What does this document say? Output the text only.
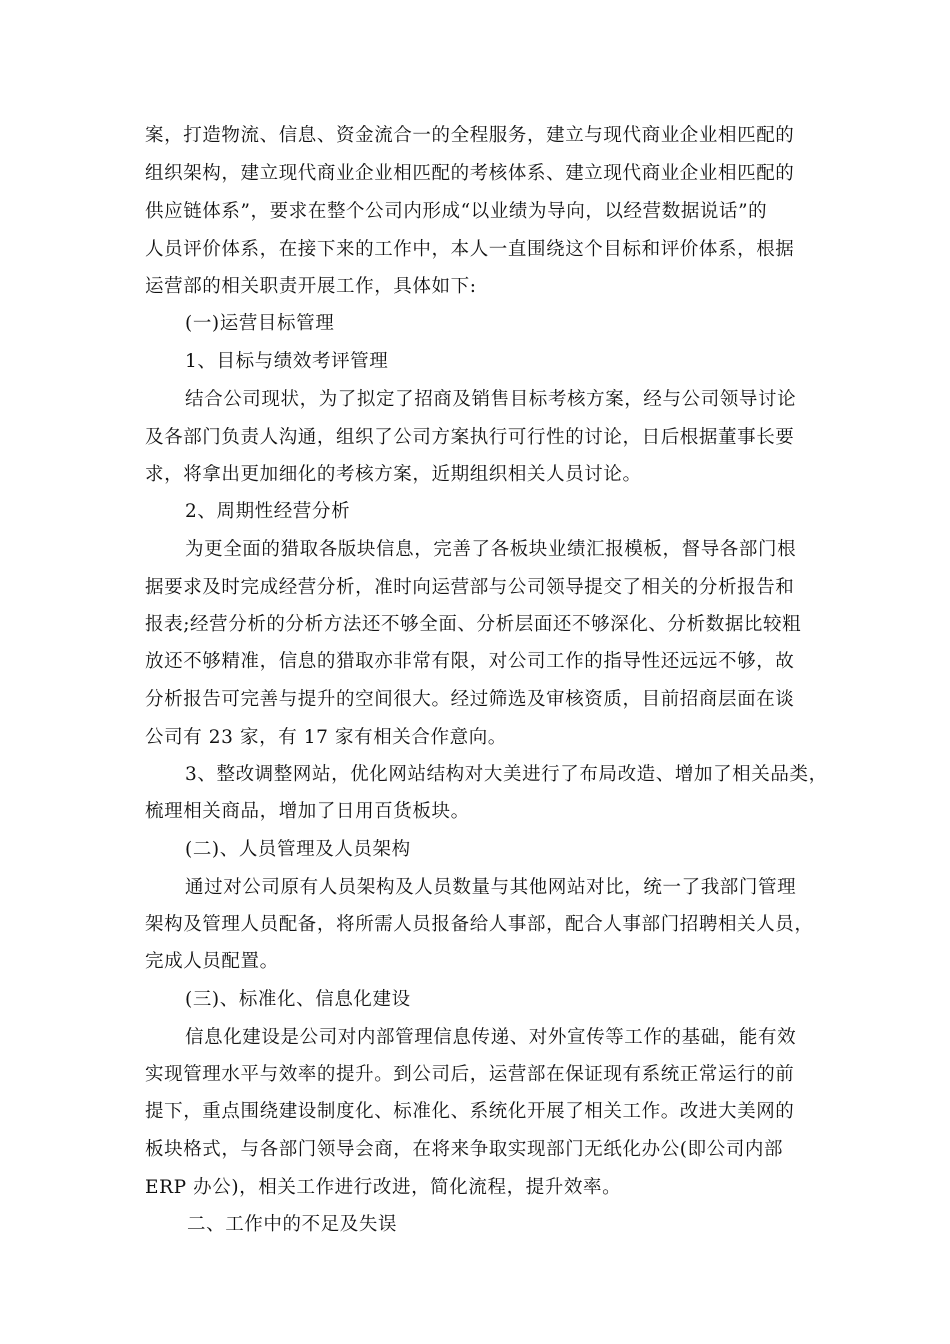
案，打造物流、信息、资金流合一的全程服务，建立与现代商业企业相匹配的
组织架构，建立现代商业企业相匹配的考核体系、建立现代商业企业相匹配的
供应链体系”，要求在整个公司内形成“以业绩为导向，以经营数据说话”的
人员评价体系，在接下来的工作中，本人一直围绕这个目标和评价体系，根据
运营部的相关职责开展工作，具体如下:
(一)运营目标管理
1、目标与绩效考评管理
结合公司现状，为了拟定了招商及销售目标考核方案，经与公司领导讨论
及各部门负责人沟通，组织了公司方案执行可行性的讨论，日后根据董事长要
求，将拿出更加细化的考核方案，近期组织相关人员讨论。
2、周期性经营分析
为更全面的猎取各版块信息，完善了各板块业绩汇报模板，督导各部门根
据要求及时完成经营分析，准时向运营部与公司领导提交了相关的分析报告和
报表;经营分析的分析方法还不够全面、分析层面还不够深化、分析数据比较粗
放还不够精准，信息的猎取亦非常有限，对公司工作的指导性还远远不够，故
分析报告可完善与提升的空间很大。经过筛选及审核资质，目前招商层面在谈
公司有 23 家，有 17 家有相关合作意向。
3、整改调整网站，优化网站结构对大美进行了布局改造、增加了相关品类，
梳理相关商品，增加了日用百货板块。
(二)、人员管理及人员架构
通过对公司原有人员架构及人员数量与其他网站对比，统一了我部门管理
架构及管理人员配备，将所需人员报备给人事部，配合人事部门招聘相关人员，
完成人员配置。
(三)、标准化、信息化建设
信息化建设是公司对内部管理信息传递、对外宣传等工作的基础，能有效
实现管理水平与效率的提升。到公司后，运营部在保证现有系统正常运行的前
提下，重点围绕建设制度化、标准化、系统化开展了相关工作。改进大美网的
板块格式，与各部门领导会商，在将来争取实现部门无纸化办公(即公司内部
ERP 办公)，相关工作进行改进，简化流程，提升效率。
二、工作中的不足及失误
